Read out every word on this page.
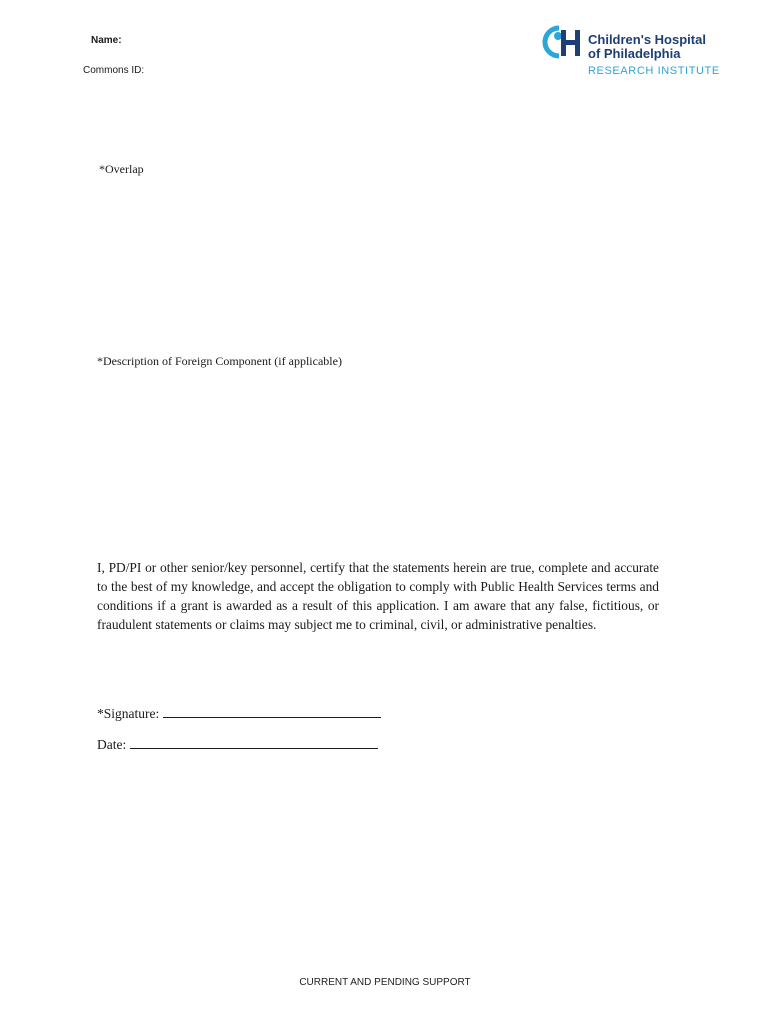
Name:
Commons ID:
Children's Hospital
of Philadelphia
RESEARCH INSTITUTE
*Overlap
*Description of Foreign Component (if applicable)
I, PD/PI or other senior/key personnel, certify that the statements herein are true, complete and accurate to the best of my knowledge, and accept the obligation to comply with Public Health Services terms and conditions if a grant is awarded as a result of this application. I am aware that any false, fictitious, or fraudulent statements or claims may subject me to criminal, civil, or administrative penalties.
*Signature:
Date:
CURRENT AND PENDING SUPPORT
